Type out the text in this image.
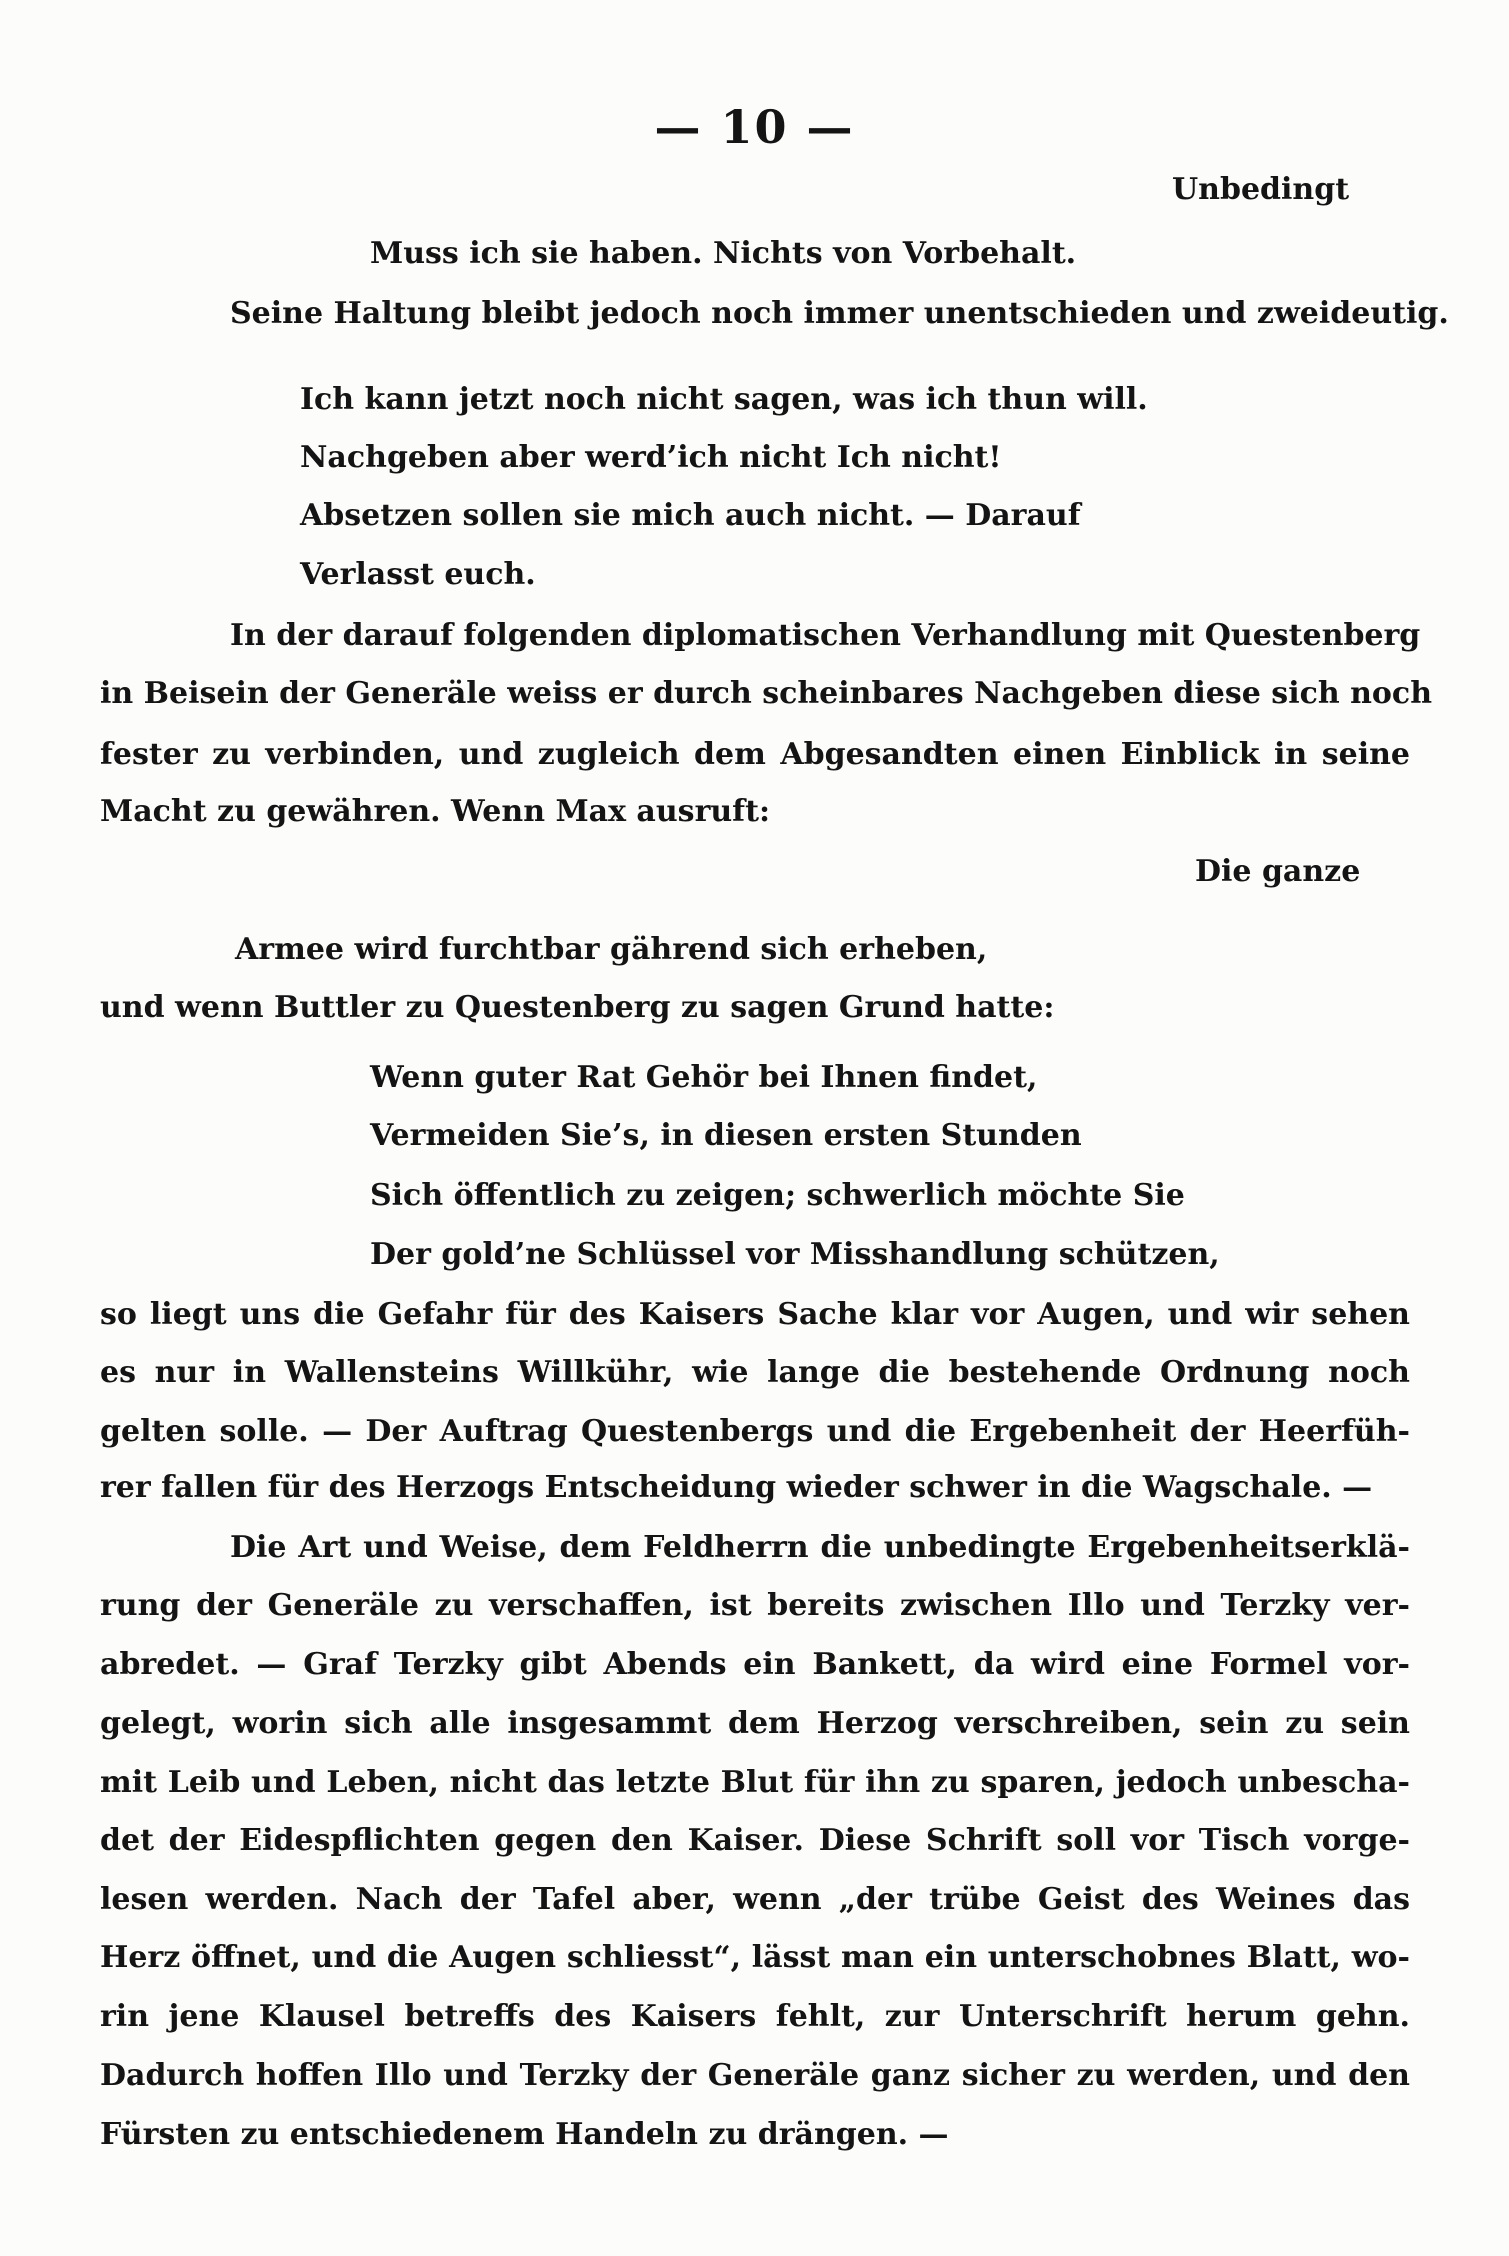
— 10 —
Unbedingt
Muss ich sie haben. Nichts von Vorbehalt.
Seine Haltung bleibt jedoch noch immer unentschieden und zweideutig.
Ich kann jetzt noch nicht sagen, was ich thun will.
Nachgeben aber werd’ich nicht Ich nicht!
Absetzen sollen sie mich auch nicht. — Darauf
Verlasst euch.
In der darauf folgenden diplomatischen Verhandlung mit Questenberg
in Beisein der Generäle weiss er durch scheinbares Nachgeben diese sich noch
fester zu verbinden, und zugleich dem Abgesandten einen Einblick in seine
Macht zu gewähren. Wenn Max ausruft:
Die ganze
Armee wird furchtbar gährend sich erheben,
und wenn Buttler zu Questenberg zu sagen Grund hatte:
Wenn guter Rat Gehör bei Ihnen findet,
Vermeiden Sie’s, in diesen ersten Stunden
Sich öffentlich zu zeigen; schwerlich möchte Sie
Der gold’ne Schlüssel vor Misshandlung schützen,
so liegt uns die Gefahr für des Kaisers Sache klar vor Augen, und wir sehen
es nur in Wallensteins Willkühr, wie lange die bestehende Ordnung noch
gelten solle. — Der Auftrag Questenbergs und die Ergebenheit der Heerfüh-
rer fallen für des Herzogs Entscheidung wieder schwer in die Wagschale. —
Die Art und Weise, dem Feldherrn die unbedingte Ergebenheitserklä-
rung der Generäle zu verschaffen, ist bereits zwischen Illo und Terzky ver-
abredet. — Graf Terzky gibt Abends ein Bankett, da wird eine Formel vor-
gelegt, worin sich alle insgesammt dem Herzog verschreiben, sein zu sein
mit Leib und Leben, nicht das letzte Blut für ihn zu sparen, jedoch unbescha-
det der Eidespflichten gegen den Kaiser. Diese Schrift soll vor Tisch vorge-
lesen werden. Nach der Tafel aber, wenn „der trübe Geist des Weines das
Herz öffnet, und die Augen schliesst“, lässt man ein unterschobnes Blatt, wo-
rin jene Klausel betreffs des Kaisers fehlt, zur Unterschrift herum gehn.
Dadurch hoffen Illo und Terzky der Generäle ganz sicher zu werden, und den
Fürsten zu entschiedenem Handeln zu drängen. —
